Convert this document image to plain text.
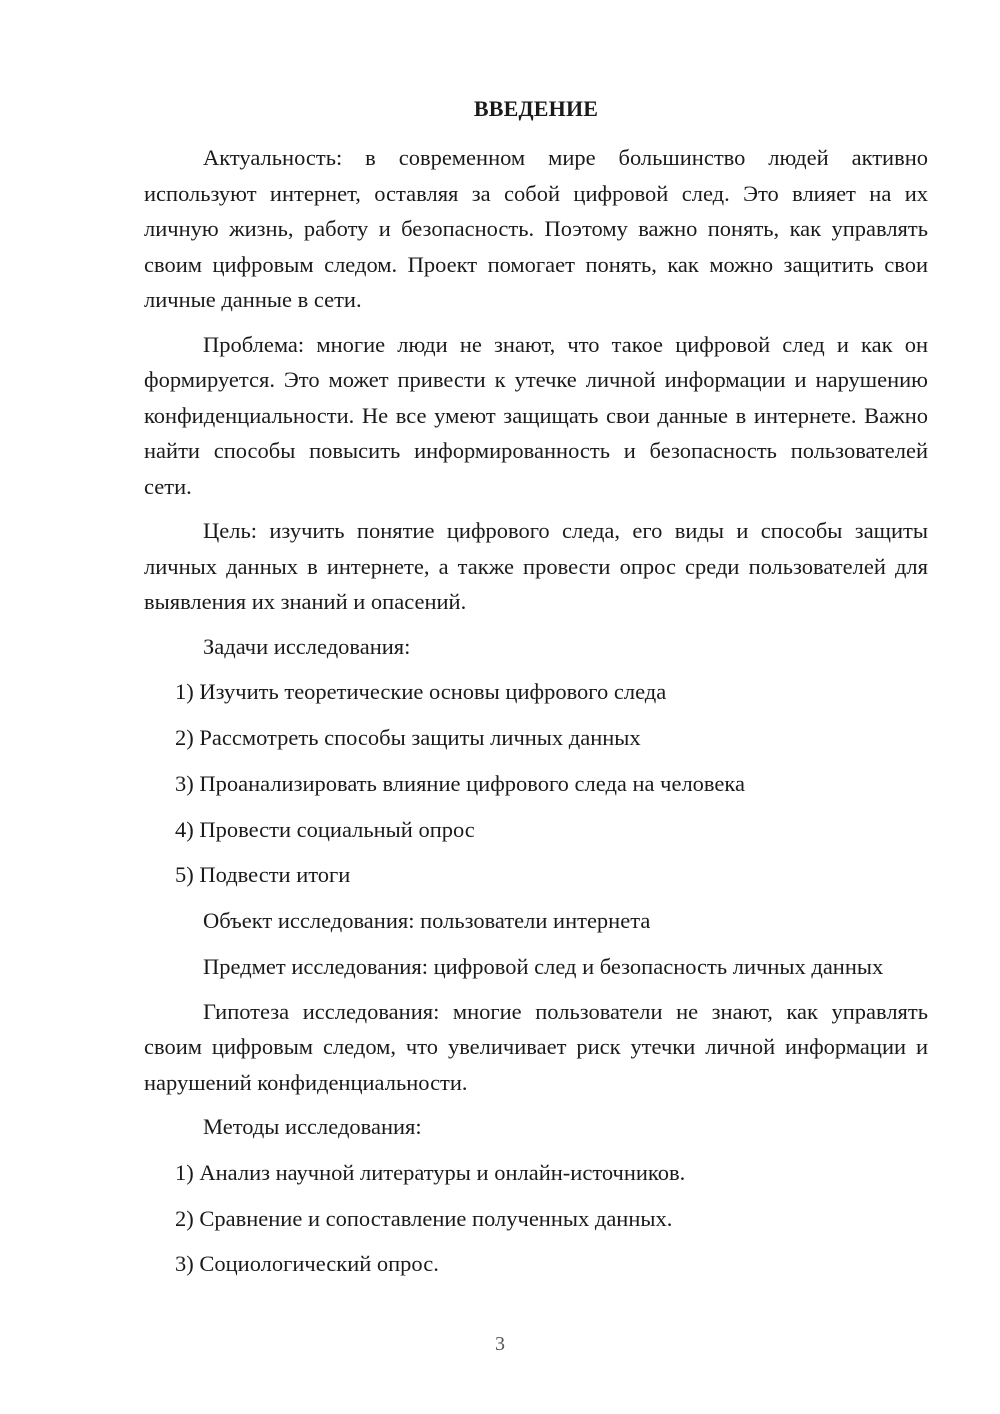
ВВЕДЕНИЕ

Актуальность: в современном мире большинство людей активно используют интернет, оставляя за собой цифровой след. Это влияет на их личную жизнь, работу и безопасность. Поэтому важно понять, как управлять своим цифровым следом. Проект помогает понять, как можно защитить свои личные данные в сети.

Проблема: многие люди не знают, что такое цифровой след и как он формируется. Это может привести к утечке личной информации и нарушению конфиденциальности. Не все умеют защищать свои данные в интернете. Важно найти способы повысить информированность и безопасность пользователей сети.

Цель: изучить понятие цифрового следа, его виды и способы защиты личных данных в интернете, а также провести опрос среди пользователей для выявления их знаний и опасений.

Задачи исследования:

1) Изучить теоретические основы цифрового следа
2) Рассмотреть способы защиты личных данных
3) Проанализировать влияние цифрового следа на человека
4) Провести социальный опрос
5) Подвести итоги

Объект исследования: пользователи интернета

Предмет исследования: цифровой след и безопасность личных данных

Гипотеза исследования: многие пользователи не знают, как управлять своим цифровым следом, что увеличивает риск утечки личной информации и нарушений конфиденциальности.

Методы исследования:

1) Анализ научной литературы и онлайн-источников.
2) Сравнение и сопоставление полученных данных.
3) Социологический опрос.
3
